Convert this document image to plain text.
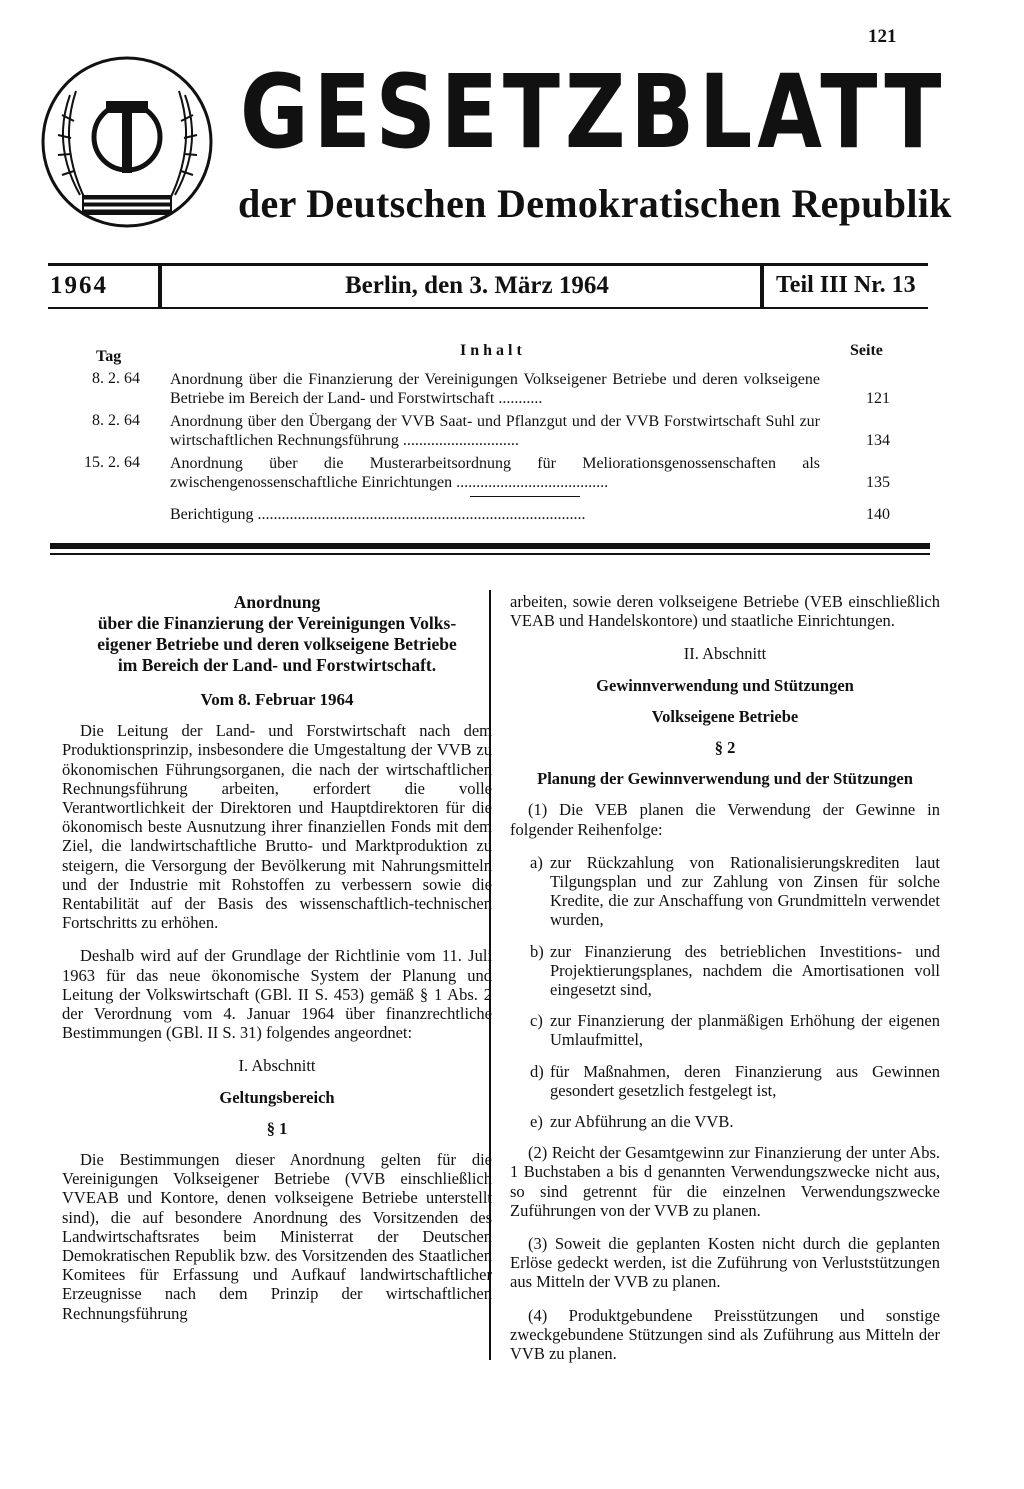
121
GESETZBLATT
der Deutschen Demokratischen Republik
1964	Berlin, den 3. März 1964	Teil III Nr. 13
Tag	Inhalt	Seite
8. 2. 64 Anordnung über die Finanzierung der Vereinigungen Volkseigener Betriebe und deren volkseigene Betriebe im Bereich der Land- und Forstwirtschaft ...........	121
8. 2. 64 Anordnung über den Übergang der VVB Saat- und Pflanzgut und der VVB Forstwirtschaft Suhl zur wirtschaftlichen Rechnungsführung .............................	134
15. 2. 64 Anordnung über die Musterarbeitsordnung für Meliorationsgenossenschaften als zwischengenossenschaftliche Einrichtungen ......................................	135
Berichtigung ..................................................................................	140
Anordnung
über die Finanzierung der Vereinigungen Volks-
eigener Betriebe und deren volkseigene Betriebe
im Bereich der Land- und Forstwirtschaft.
Vom 8. Februar 1964

Die Leitung der Land- und Forstwirtschaft nach dem Produktionsprinzip, insbesondere die Umgestaltung der VVB zu ökonomischen Führungsorganen, die nach der wirtschaftlichen Rechnungsführung arbeiten, erfordert die volle Verantwortlichkeit der Direktoren und Hauptdirektoren für die ökonomisch beste Ausnutzung ihrer finanziellen Fonds mit dem Ziel, die landwirtschaftliche Brutto- und Marktproduktion zu steigern, die Versorgung der Bevölkerung mit Nahrungsmitteln und der Industrie mit Rohstoffen zu verbessern sowie die Rentabilität auf der Basis des wissenschaftlich-technischen Fortschritts zu erhöhen.

Deshalb wird auf der Grundlage der Richtlinie vom 11. Juli 1963 für das neue ökonomische System der Planung und Leitung der Volkswirtschaft (GBl. II S. 453) gemäß § 1 Abs. 2 der Verordnung vom 4. Januar 1964 über finanzrechtliche Bestimmungen (GBl. II S. 31) folgendes angeordnet:

I. Abschnitt
Geltungsbereich
§ 1

Die Bestimmungen dieser Anordnung gelten für die Vereinigungen Volkseigener Betriebe (VVB einschließlich VVEAB und Kontore, denen volkseigene Betriebe unterstellt sind), die auf besondere Anordnung des Vorsitzenden des Landwirtschaftsrates beim Ministerrat der Deutschen Demokratischen Republik bzw. des Vorsitzenden des Staatlichen Komitees für Erfassung und Aufkauf landwirtschaftlicher Erzeugnisse nach dem Prinzip der wirtschaftlichen Rechnungsführung

arbeiten, sowie deren volkseigene Betriebe (VEB einschließlich VEAB und Handelskontore) und staatliche Einrichtungen.

II. Abschnitt
Gewinnverwendung und Stützungen
Volkseigene Betriebe
§ 2
Planung der Gewinnverwendung und der Stützungen

(1) Die VEB planen die Verwendung der Gewinne in folgender Reihenfolge:

a) zur Rückzahlung von Rationalisierungskrediten laut Tilgungsplan und zur Zahlung von Zinsen für solche Kredite, die zur Anschaffung von Grundmitteln verwendet wurden,
b) zur Finanzierung des betrieblichen Investitions- und Projektierungsplanes, nachdem die Amortisationen voll eingesetzt sind,
c) zur Finanzierung der planmäßigen Erhöhung der eigenen Umlaufmittel,
d) für Maßnahmen, deren Finanzierung aus Gewinnen gesondert gesetzlich festgelegt ist,
e) zur Abführung an die VVB.

(2) Reicht der Gesamtgewinn zur Finanzierung der unter Abs. 1 Buchstaben a bis d genannten Verwendungszwecke nicht aus, so sind getrennt für die einzelnen Verwendungszwecke Zuführungen von der VVB zu planen.

(3) Soweit die geplanten Kosten nicht durch die geplanten Erlöse gedeckt werden, ist die Zuführung von Verluststützungen aus Mitteln der VVB zu planen.

(4) Produktgebundene Preisstützungen und sonstige zweckgebundene Stützungen sind als Zuführung aus Mitteln der VVB zu planen.
